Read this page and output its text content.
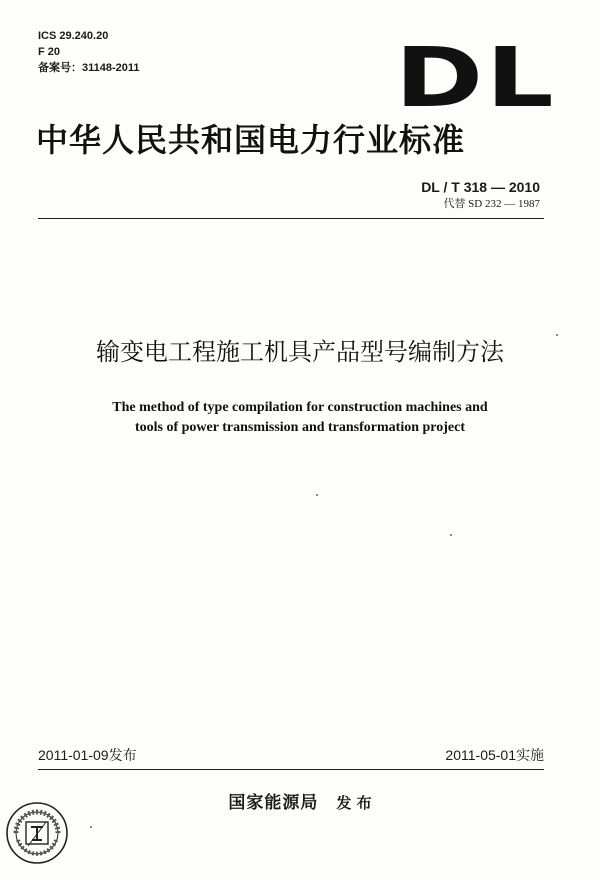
ICS 29.240.20
F 20
备案号：31148-2011	DL
中华人民共和国电力行业标准
DL / T 318 — 2010
代替 SD 232 — 1987
输变电工程施工机具产品型号编制方法
The method of type compilation for construction machines and
tools of power transmission and transformation project
2011-01-09发布	2011-05-01实施
国家能源局 发 布
